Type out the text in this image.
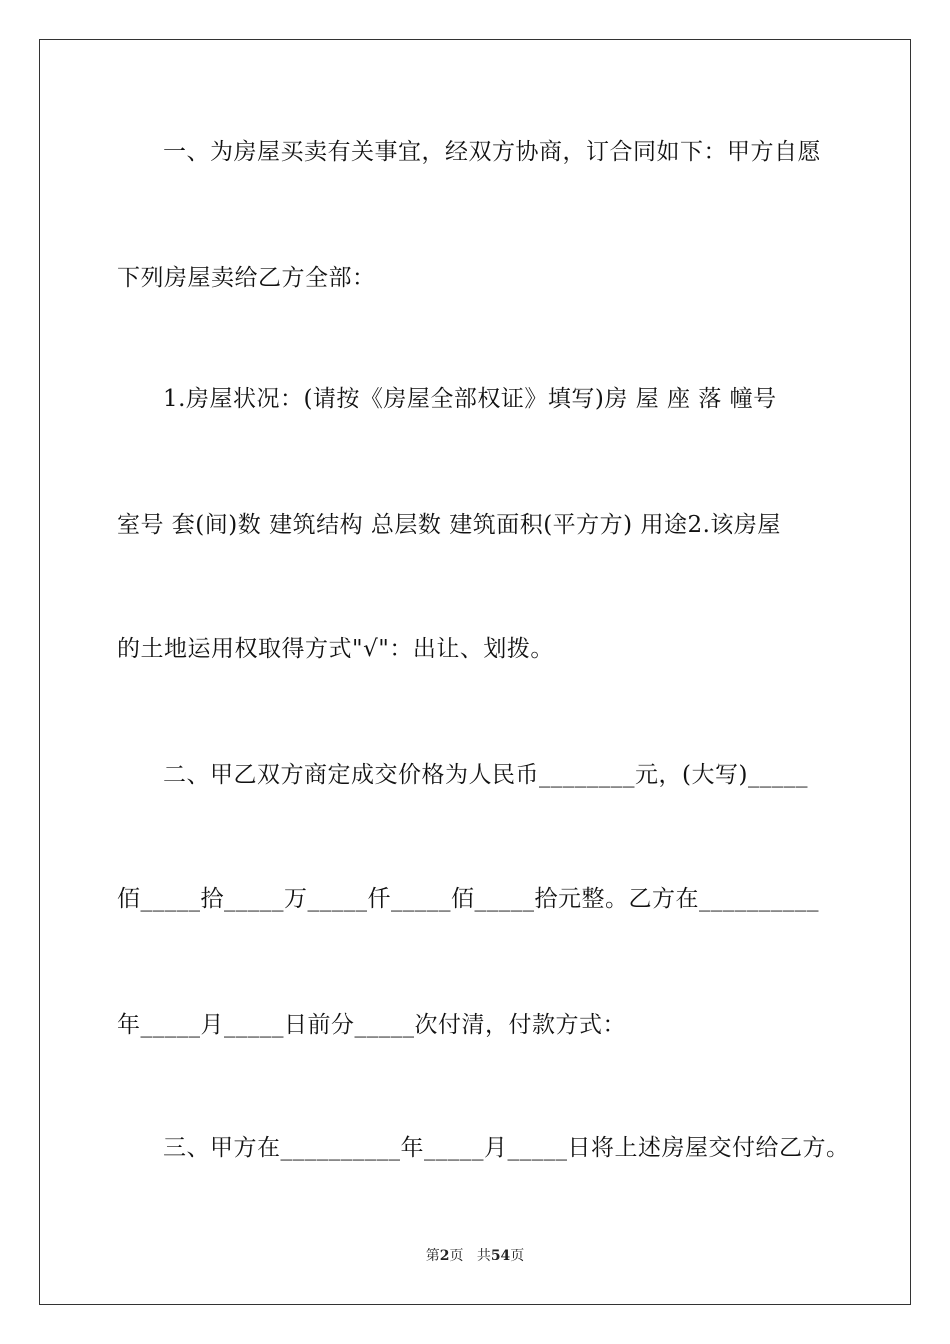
一、为房屋买卖有关事宜，经双方协商，订合同如下：甲方自愿
下列房屋卖给乙方全部：
1.房屋状况：(请按《房屋全部权证》填写)房 屋 座 落 幢号
室号 套(间)数 建筑结构 总层数 建筑面积(平方方) 用途2.该房屋
的土地运用权取得方式"√"：出让、划拨。
二、甲乙双方商定成交价格为人民币________元，(大写)_____
佰_____拾_____万_____仟_____佰_____拾元整。乙方在__________
年_____月_____日前分_____次付清，付款方式：
三、甲方在__________年_____月_____日将上述房屋交付给乙方。
第2页 共54页
